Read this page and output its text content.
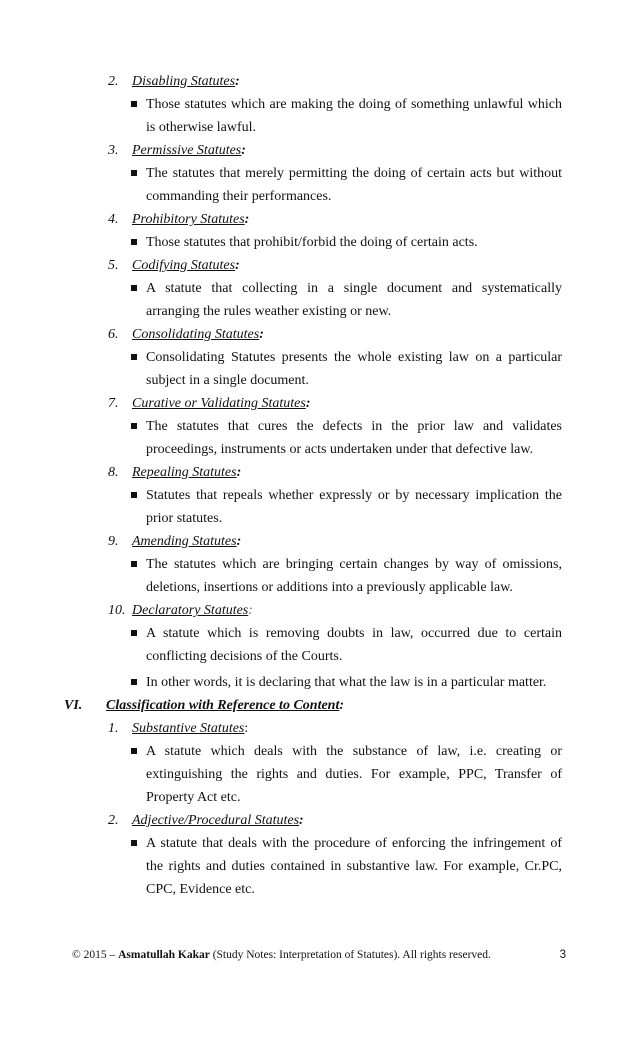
2. Disabling Statutes:
Those statutes which are making the doing of something unlawful which is otherwise lawful.
3. Permissive Statutes:
The statutes that merely permitting the doing of certain acts but without commanding their performances.
4. Prohibitory Statutes:
Those statutes that prohibit/forbid the doing of certain acts.
5. Codifying Statutes:
A statute that collecting in a single document and systematically arranging the rules weather existing or new.
6. Consolidating Statutes:
Consolidating Statutes presents the whole existing law on a particular subject in a single document.
7. Curative or Validating Statutes:
The statutes that cures the defects in the prior law and validates proceedings, instruments or acts undertaken under that defective law.
8. Repealing Statutes:
Statutes that repeals whether expressly or by necessary implication the prior statutes.
9. Amending Statutes:
The statutes which are bringing certain changes by way of omissions, deletions, insertions or additions into a previously applicable law.
10. Declaratory Statutes:
A statute which is removing doubts in law, occurred due to certain conflicting decisions of the Courts.
In other words, it is declaring that what the law is in a particular matter.
VI. Classification with Reference to Content:
1. Substantive Statutes:
A statute which deals with the substance of law, i.e. creating or extinguishing the rights and duties. For example, PPC, Transfer of Property Act etc.
2. Adjective/Procedural Statutes:
A statute that deals with the procedure of enforcing the infringement of the rights and duties contained in substantive law. For example, Cr.PC, CPC, Evidence etc.
© 2015 – Asmatullah Kakar (Study Notes: Interpretation of Statutes). All rights reserved.	3
